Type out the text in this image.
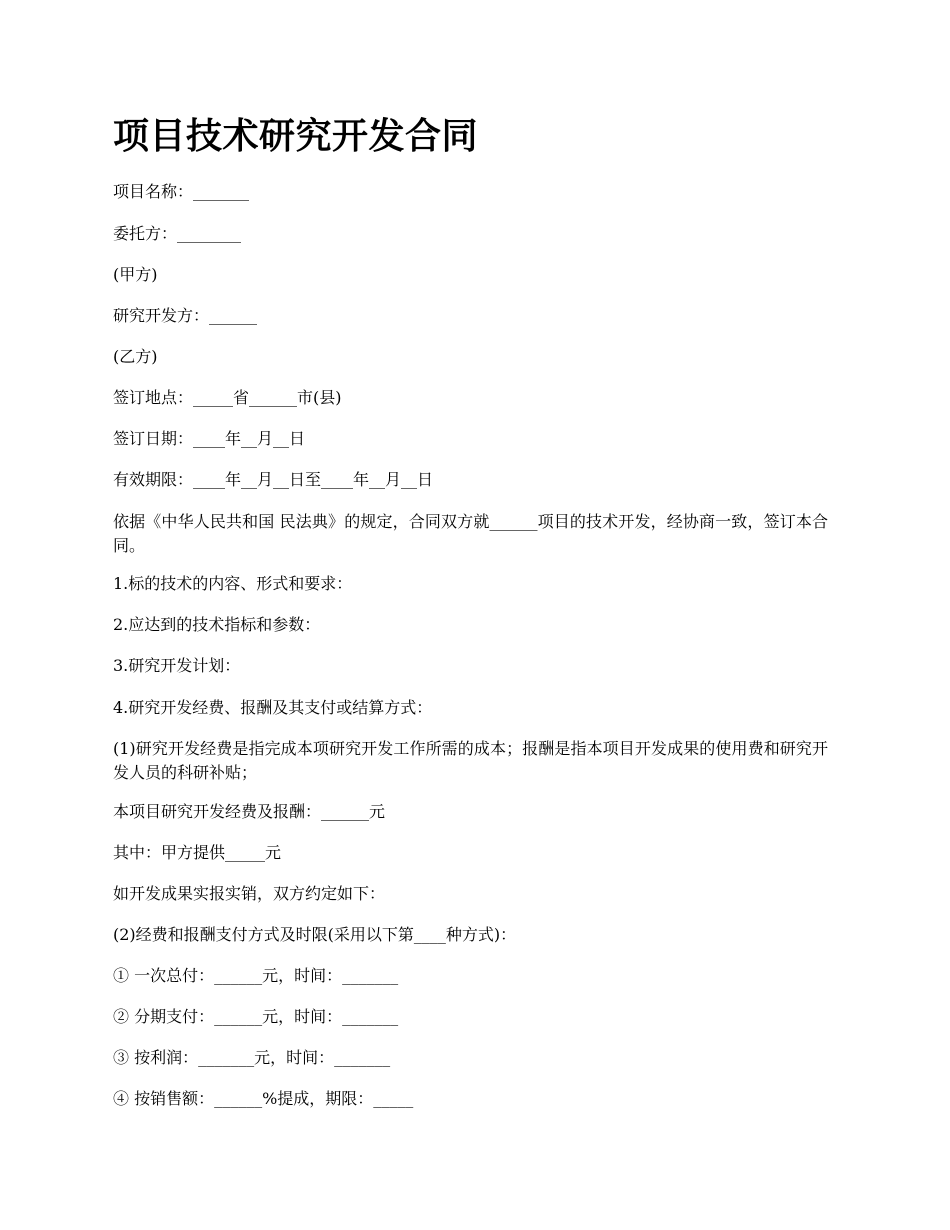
项目技术研究开发合同

项目名称：_______

委托方：________

(甲方)

研究开发方：______

(乙方)

签订地点：_____省______市(县)

签订日期：____年__月__日

有效期限：____年__月__日至____年__月__日

依据《中华人民共和国 民法典》的规定，合同双方就______项目的技术开发，经协商一致，签订本合同。

1.标的技术的内容、形式和要求：

2.应达到的技术指标和参数：

3.研究开发计划：

4.研究开发经费、报酬及其支付或结算方式：

(1)研究开发经费是指完成本项研究开发工作所需的成本；报酬是指本项目开发成果的使用费和研究开发人员的科研补贴；

本项目研究开发经费及报酬：______元

其中：甲方提供_____元

如开发成果实报实销，双方约定如下：

(2)经费和报酬支付方式及时限(采用以下第____种方式)：

① 一次总付：______元，时间：_______

② 分期支付：______元，时间：_______

③ 按利润：_______元，时间：_______

④ 按销售额：______%提成，期限：_____
